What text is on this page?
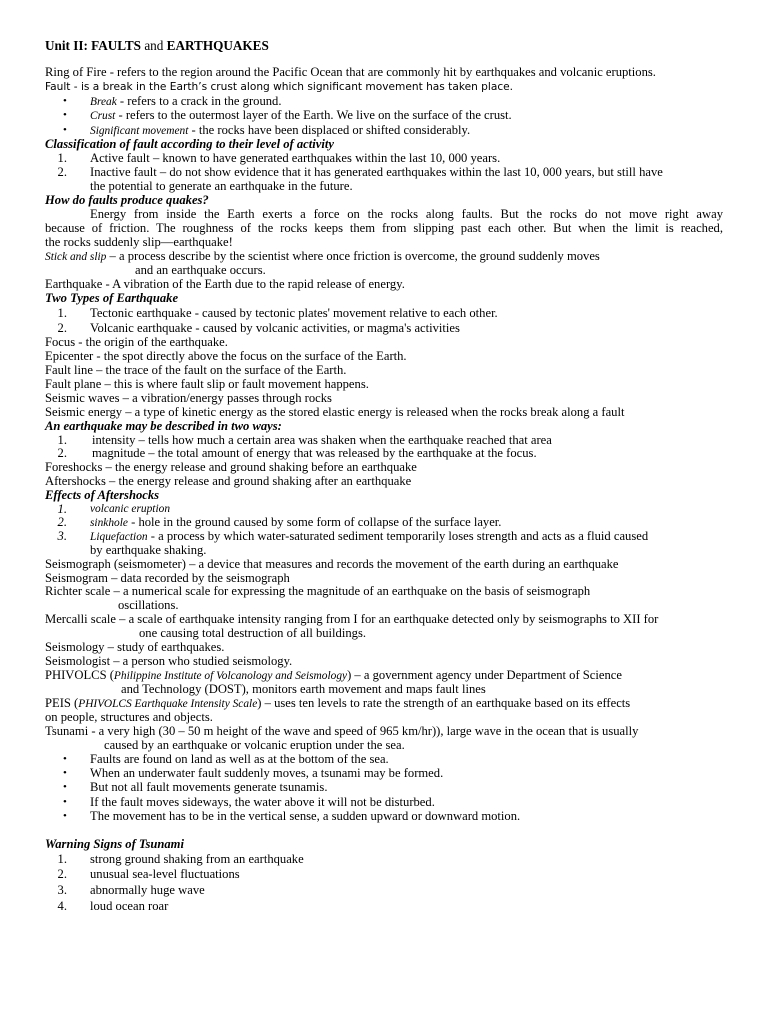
Unit II: FAULTS and EARTHQUAKES
Ring of Fire - refers to the region around the Pacific Ocean that are commonly hit by earthquakes and volcanic eruptions.
Fault - is a break in the Earth’s crust along which significant movement has taken place.
• Break - refers to a crack in the ground.
• Crust - refers to the outermost layer of the Earth. We live on the surface of the crust.
• Significant movement - the rocks have been displaced or shifted considerably.
Classification of fault according to their level of activity
1. Active fault – known to have generated earthquakes within the last 10, 000 years.
2. Inactive fault – do not show evidence that it has generated earthquakes within the last 10, 000 years, but still have
the potential to generate an earthquake in the future.
How do faults produce quakes?
Energy from inside the Earth exerts a force on the rocks along faults. But the rocks do not move right away
because of friction. The roughness of the rocks keeps them from slipping past each other. But when the limit is reached,
the rocks suddenly slip—earthquake!
Stick and slip – a process describe by the scientist where once friction is overcome, the ground suddenly moves
and an earthquake occurs.
Earthquake - A vibration of the Earth due to the rapid release of energy.
Two Types of Earthquake
1. Tectonic earthquake - caused by tectonic plates' movement relative to each other.
2. Volcanic earthquake - caused by volcanic activities, or magma's activities
Focus - the origin of the earthquake.
Epicenter - the spot directly above the focus on the surface of the Earth.
Fault line – the trace of the fault on the surface of the Earth.
Fault plane – this is where fault slip or fault movement happens.
Seismic waves – a vibration/energy passes through rocks
Seismic energy – a type of kinetic energy as the stored elastic energy is released when the rocks break along a fault
An earthquake may be described in two ways:
1. intensity – tells how much a certain area was shaken when the earthquake reached that area
2. magnitude – the total amount of energy that was released by the earthquake at the focus.
Foreshocks – the energy release and ground shaking before an earthquake
Aftershocks – the energy release and ground shaking after an earthquake
Effects of Aftershocks
1. volcanic eruption
2. sinkhole - hole in the ground caused by some form of collapse of the surface layer.
3. Liquefaction - a process by which water-saturated sediment temporarily loses strength and acts as a fluid caused
by earthquake shaking.
Seismograph (seismometer) – a device that measures and records the movement of the earth during an earthquake
Seismogram – data recorded by the seismograph
Richter scale – a numerical scale for expressing the magnitude of an earthquake on the basis of seismograph
oscillations.
Mercalli scale – a scale of earthquake intensity ranging from I for an earthquake detected only by seismographs to XII for
one causing total destruction of all buildings.
Seismology – study of earthquakes.
Seismologist – a person who studied seismology.
PHIVOLCS (Philippine Institute of Volcanology and Seismology) – a government agency under Department of Science
and Technology (DOST), monitors earth movement and maps fault lines
PEIS (PHIVOLCS Earthquake Intensity Scale) – uses ten levels to rate the strength of an earthquake based on its effects
on people, structures and objects.
Tsunami - a very high (30 – 50 m height of the wave and speed of 965 km/hr)), large wave in the ocean that is usually
caused by an earthquake or volcanic eruption under the sea.
• Faults are found on land as well as at the bottom of the sea.
• When an underwater fault suddenly moves, a tsunami may be formed.
• But not all fault movements generate tsunamis.
• If the fault moves sideways, the water above it will not be disturbed.
• The movement has to be in the vertical sense, a sudden upward or downward motion.
Warning Signs of Tsunami
1. strong ground shaking from an earthquake
2. unusual sea-level fluctuations
3. abnormally huge wave
4. loud ocean roar
